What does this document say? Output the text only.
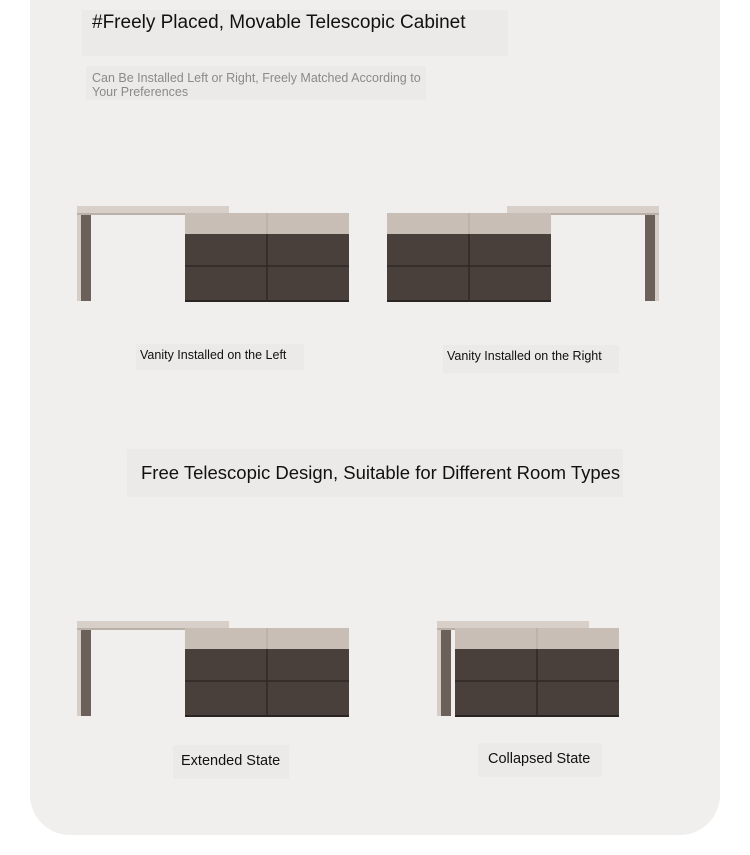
#Freely Placed, Movable Telescopic Cabinet

Can Be Installed Left or Right, Freely Matched According to Your Preferences

Vanity Installed on the Left	Vanity Installed on the Right

Free Telescopic Design, Suitable for Different Room Types

Extended State	Collapsed State
